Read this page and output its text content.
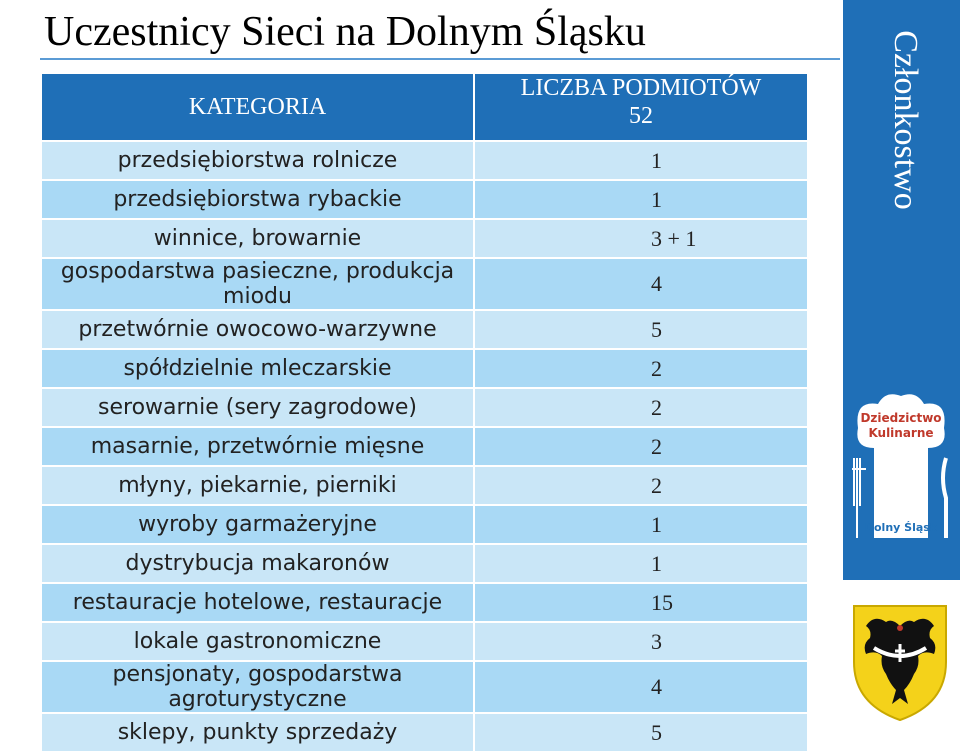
Uczestnicy Sieci na Dolnym Śląsku	Członkostwo
KATEGORIA	LICZBA PODMIOTÓW
52

przedsiębiorstwa rolnicze	1
przedsiębiorstwa rybackie	1
winnice, browarnie	3 + 1
gospodarstwa pasieczne, produkcja miodu	4
przetwórnie owocowo-warzywne	5
spółdzielnie mleczarskie	2
serowarnie (sery zagrodowe)	2
masarnie, przetwórnie mięsne	2
młyny, piekarnie, pierniki	2
wyroby garmażeryjne	1
dystrybucja makaronów	1
restauracje hotelowe, restauracje	15
lokale gastronomiczne	3
pensjonaty, gospodarstwa agroturystyczne	4
sklepy, punkty sprzedaży	5
Dziedzictwo
Kulinarne
Dolny Śląsk
